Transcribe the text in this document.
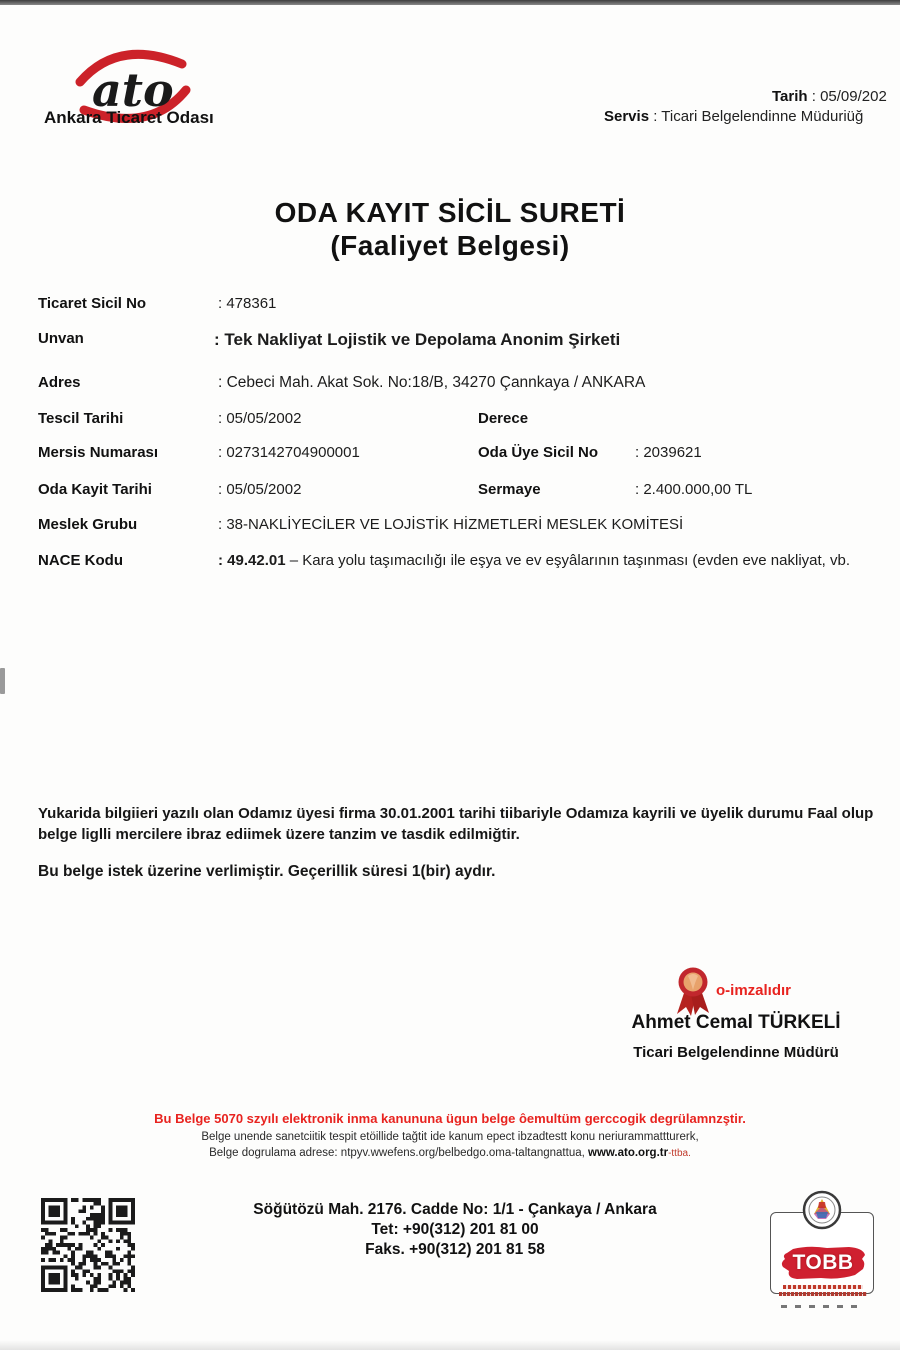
ato
Ankara Ticaret Odası
Tarih : 05/09/202
Servis : Ticari Belgelendinne Müduriüğ
ODA KAYIT SİCİL SURETİ
(Faaliyet Belgesi)
Ticaret Sicil No	: 478361
Unvan	: Tek Nakliyat Lojistik ve Depolama Anonim Şirketi
Adres	: Cebeci Mah. Akat Sok. No:18/B, 34270 Çannkaya / ANKARA
Tescil Tarihi	: 05/05/2002	Derece
Mersis Numarası	: 0273142704900001	Oda Üye Sicil No : 2039621
Oda Kayit Tarihi	: 05/05/2002	Sermaye	: 2.400.000,00 TL
Meslek Grubu	: 38-NAKLİYECİLER VE LOJİSTİK HİZMETLERİ MESLEK KOMİTESİ
NACE Kodu	: 49.42.01 – Kara yolu taşımacılığı ile eşya ve ev eşyâlarının taşınması (evden eve nakliyat, vb.
Yukarida bilgiieri yazılı olan Odamız üyesi firma 30.01.2001 tarihi tiibariyle Odamıza kayrili ve üyelik durumu Faal olup belge liglli mercilere ibraz ediimek üzere tanzim ve tasdik edilmiğtir.
Bu belge istek üzerine verlimiştir. Geçerillik süresi 1(bir) aydır.
o-imzalıdır
Ahmet Cemal TÜRKELİ
Ticari Belgelendinne Müdürü
Bu Belge 5070 szyılı elektronik inma kanununa ügun belge ôemultüm gerccogik degrülamnzştir.
Belge unende sanetciitik tespit etöillide tağtit ide kanum epect ibzadtestt konu neriurammattturerk,
Belge dogrulama adrese: ntpyv.wwefens.org/belbedgo.oma-taltangnattua, www.ato.org.tr-ttba.
Söğütözü Mah. 2176. Cadde No: 1/1 - Çankaya / Ankara
Tet: +90(312) 201 81 00
Faks. +90(312) 201 81 58
TOBB
